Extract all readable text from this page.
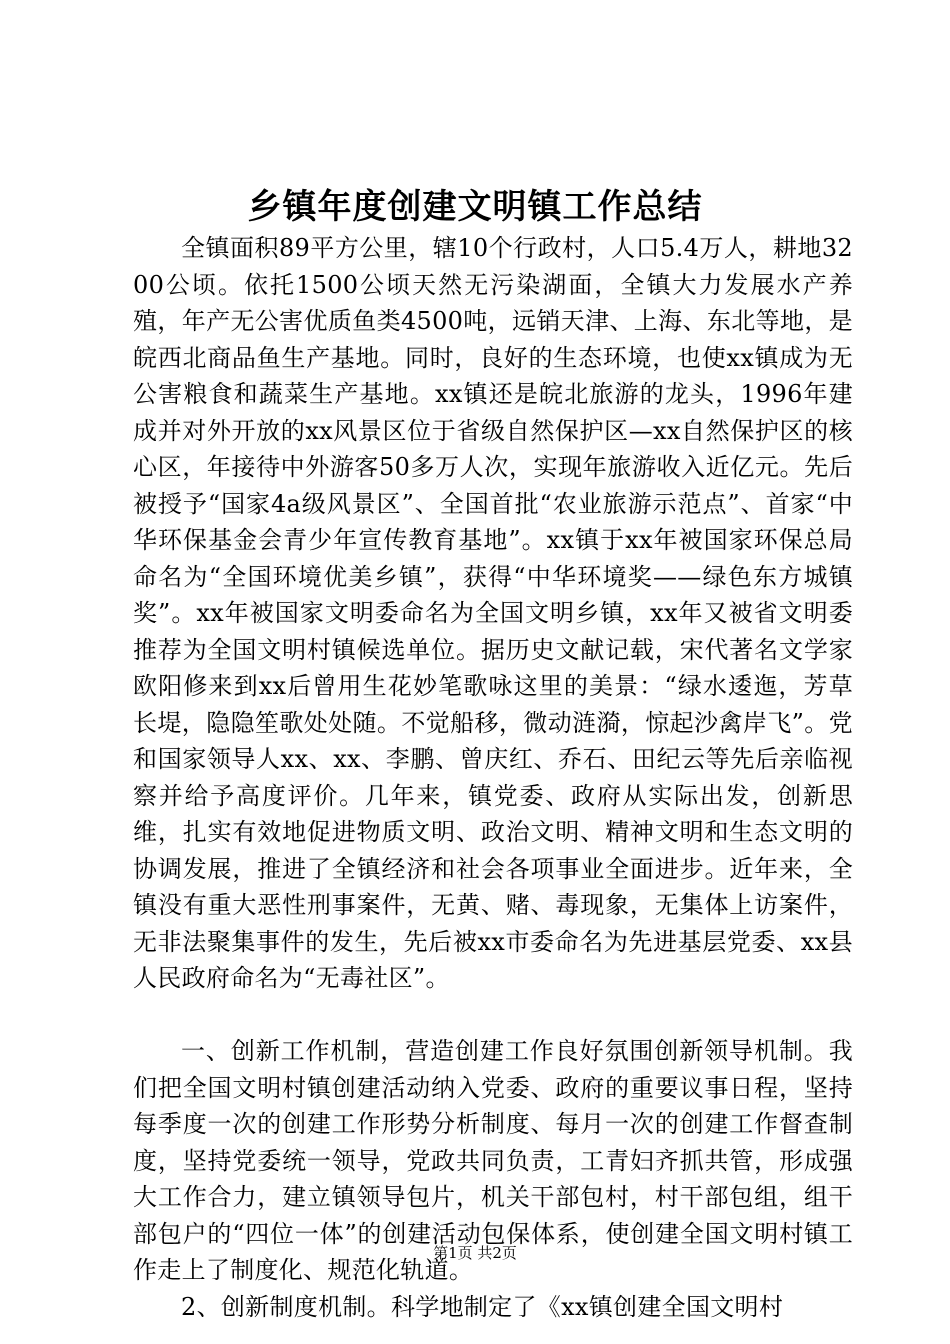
乡镇年度创建文明镇工作总结

全镇面积89平方公里，辖10个行政村，人口5.4万人，耕地3200公顷。依托1500公顷天然无污染湖面，全镇大力发展水产养殖，年产无公害优质鱼类4500吨，远销天津、上海、东北等地，是皖西北商品鱼生产基地。同时，良好的生态环境，也使xx镇成为无公害粮食和蔬菜生产基地。xx镇还是皖北旅游的龙头，1996年建成并对外开放的xx风景区位于省级自然保护区—xx自然保护区的核心区，年接待中外游客50多万人次，实现年旅游收入近亿元。先后被授予“国家4a级风景区”、全国首批“农业旅游示范点”、首家“中华环保基金会青少年宣传教育基地”。xx镇于xx年被国家环保总局命名为“全国环境优美乡镇”，获得“中华环境奖——绿色东方城镇奖”。xx年被国家文明委命名为全国文明乡镇，xx年又被省文明委推荐为全国文明村镇候选单位。据历史文献记载，宋代著名文学家欧阳修来到xx后曾用生花妙笔歌咏这里的美景：“绿水逶迤，芳草长堤，隐隐笙歌处处随。不觉船移，微动涟漪，惊起沙禽岸飞”。党和国家领导人xx、xx、李鹏、曾庆红、乔石、田纪云等先后亲临视察并给予高度评价。几年来，镇党委、政府从实际出发，创新思维，扎实有效地促进物质文明、政治文明、精神文明和生态文明的协调发展，推进了全镇经济和社会各项事业全面进步。近年来，全镇没有重大恶性刑事案件，无黄、赌、毒现象，无集体上访案件，无非法聚集事件的发生，先后被xx市委命名为先进基层党委、xx县人民政府命名为“无毒社区”。

一、创新工作机制，营造创建工作良好氛围创新领导机制。我们把全国文明村镇创建活动纳入党委、政府的重要议事日程，坚持每季度一次的创建工作形势分析制度、每月一次的创建工作督查制度，坚持党委统一领导，党政共同负责，工青妇齐抓共管，形成强大工作合力，建立镇领导包片，机关干部包村，村干部包组，组干部包户的“四位一体”的创建活动包保体系，使创建全国文明村镇工作走上了制度化、规范化轨道。

2、创新制度机制。科学地制定了《xx镇创建全国文明村

第1页 共2页
